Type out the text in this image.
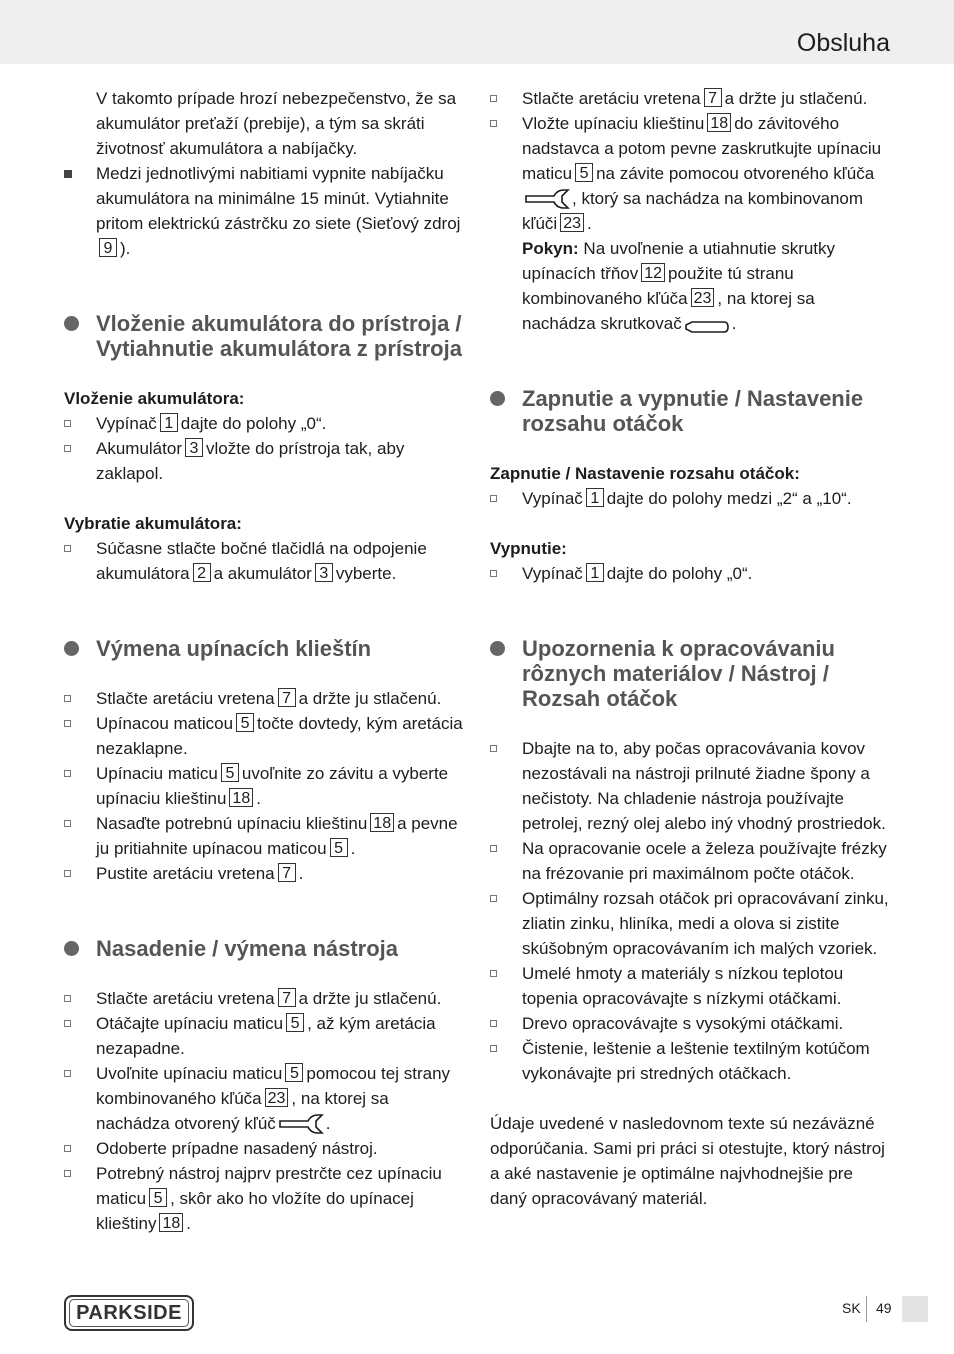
Obsluha
V takomto prípade hrozí nebezpečenstvo, že sa akumulátor preťaží (prebije), a tým sa skráti životnosť akumulátora a nabíjačky.
Medzi jednotlivými nabitiami vypnite nabíjačku akumulátora na minimálne 15 minút. Vytiahnite pritom elektrickú zástrčku zo siete (Sieťový zdroj9 ).
Vloženie akumulátora do prístroja / Vytiahnutie akumulátora z prístroja
Vloženie akumulátora:
Vypínač 1 dajte do polohy „0“.
Akumulátor 3 vložte do prístroja tak, aby zaklapol.
Vybratie akumulátora:
Súčasne stlačte bočné tlačidlá na odpojenie akumulátora 2 a akumulátor 3 vyberte.
Výmena upínacích klieštín
Stlačte aretáciu vretena 7 a držte ju stlačenú.
Upínacou maticou 5 točte dovtedy, kým aretácia nezaklapne.
Upínaciu maticu 5 uvoľnite zo závitu a vyberte upínaciu klieštinu 18 .
Nasaďte potrebnú upínaciu klieštinu 18 a pevne ju pritiahnite upínacou maticou 5 .
Pustite aretáciu vretena 7 .
Nasadenie / výmena nástroja
Stlačte aretáciu vretena 7 a držte ju stlačenú.
Otáčajte upínaciu maticu 5 , až kým aretácia nezapadne.
Uvoľnite upínaciu maticu 5 pomocou tej strany kombinovaného kľúča 23 , na ktorej sa nachádza otvorený kľúč	.
Odoberte prípadne nasadený nástroj.
Potrebný nástroj najprv prestrčte cez upínaciu maticu 5 , skôr ako ho vložíte do upínacej klieštiny 18 .
Stlačte aretáciu vretena 7 a držte ju stlačenú.
Vložte upínaciu klieštinu 18 do závitového nadstavca a potom pevne zaskrutkujte upínaciu maticu 5 na závite pomocou otvoreného kľúča, ktorý sa nachádza na kombinovanom kľúči 23 .
Pokyn: Na uvoľnenie a utiahnutie skrutky upínacích třňov 12 použite tú stranu kombinovaného kľúča 23 , na ktorej sa nachádza skrutkovač	.
Zapnutie a vypnutie / Nastavenie rozsahu otáčok
Zapnutie / Nastavenie rozsahu otáčok:
Vypínač 1 dajte do polohy medzi „2“ a „10“.
Vypnutie:
Vypínač 1 dajte do polohy „0“.
Upozornenia k opracovávaniu rôznych materiálov / Nástroj / Rozsah otáčok
Dbajte na to, aby počas opracovávania kovov nezostávali na nástroji prilnuté žiadne špony a nečistoty. Na chladenie nástroja používajte petrolej, rezný olej alebo iný vhodný prostriedok.
Na opracovanie ocele a železa používajte frézky na frézovanie pri maximálnom počte otáčok.
Optimálny rozsah otáčok pri opracovávaní zinku, zliatin zinku, hliníka, medi a olova si zistite skúšobným opracovávaním ich malých vzoriek.
Umelé hmoty a materiály s nízkou teplotou topenia opracovávajte s nízkymi otáčkami.
Drevo opracovávajte s vysokými otáčkami.
Čistenie, leštenie a leštenie textilným kotúčom vykonávajte pri stredných otáčkach.
Údaje uvedené v nasledovnom texte sú nezáväzné odporúčania. Sami pri práci si otestujte, ktorý nástroj a aké nastavenie je optimálne najvhodnejšie pre daný opracovávaný materiál.
PARKSIDE	SK 49
